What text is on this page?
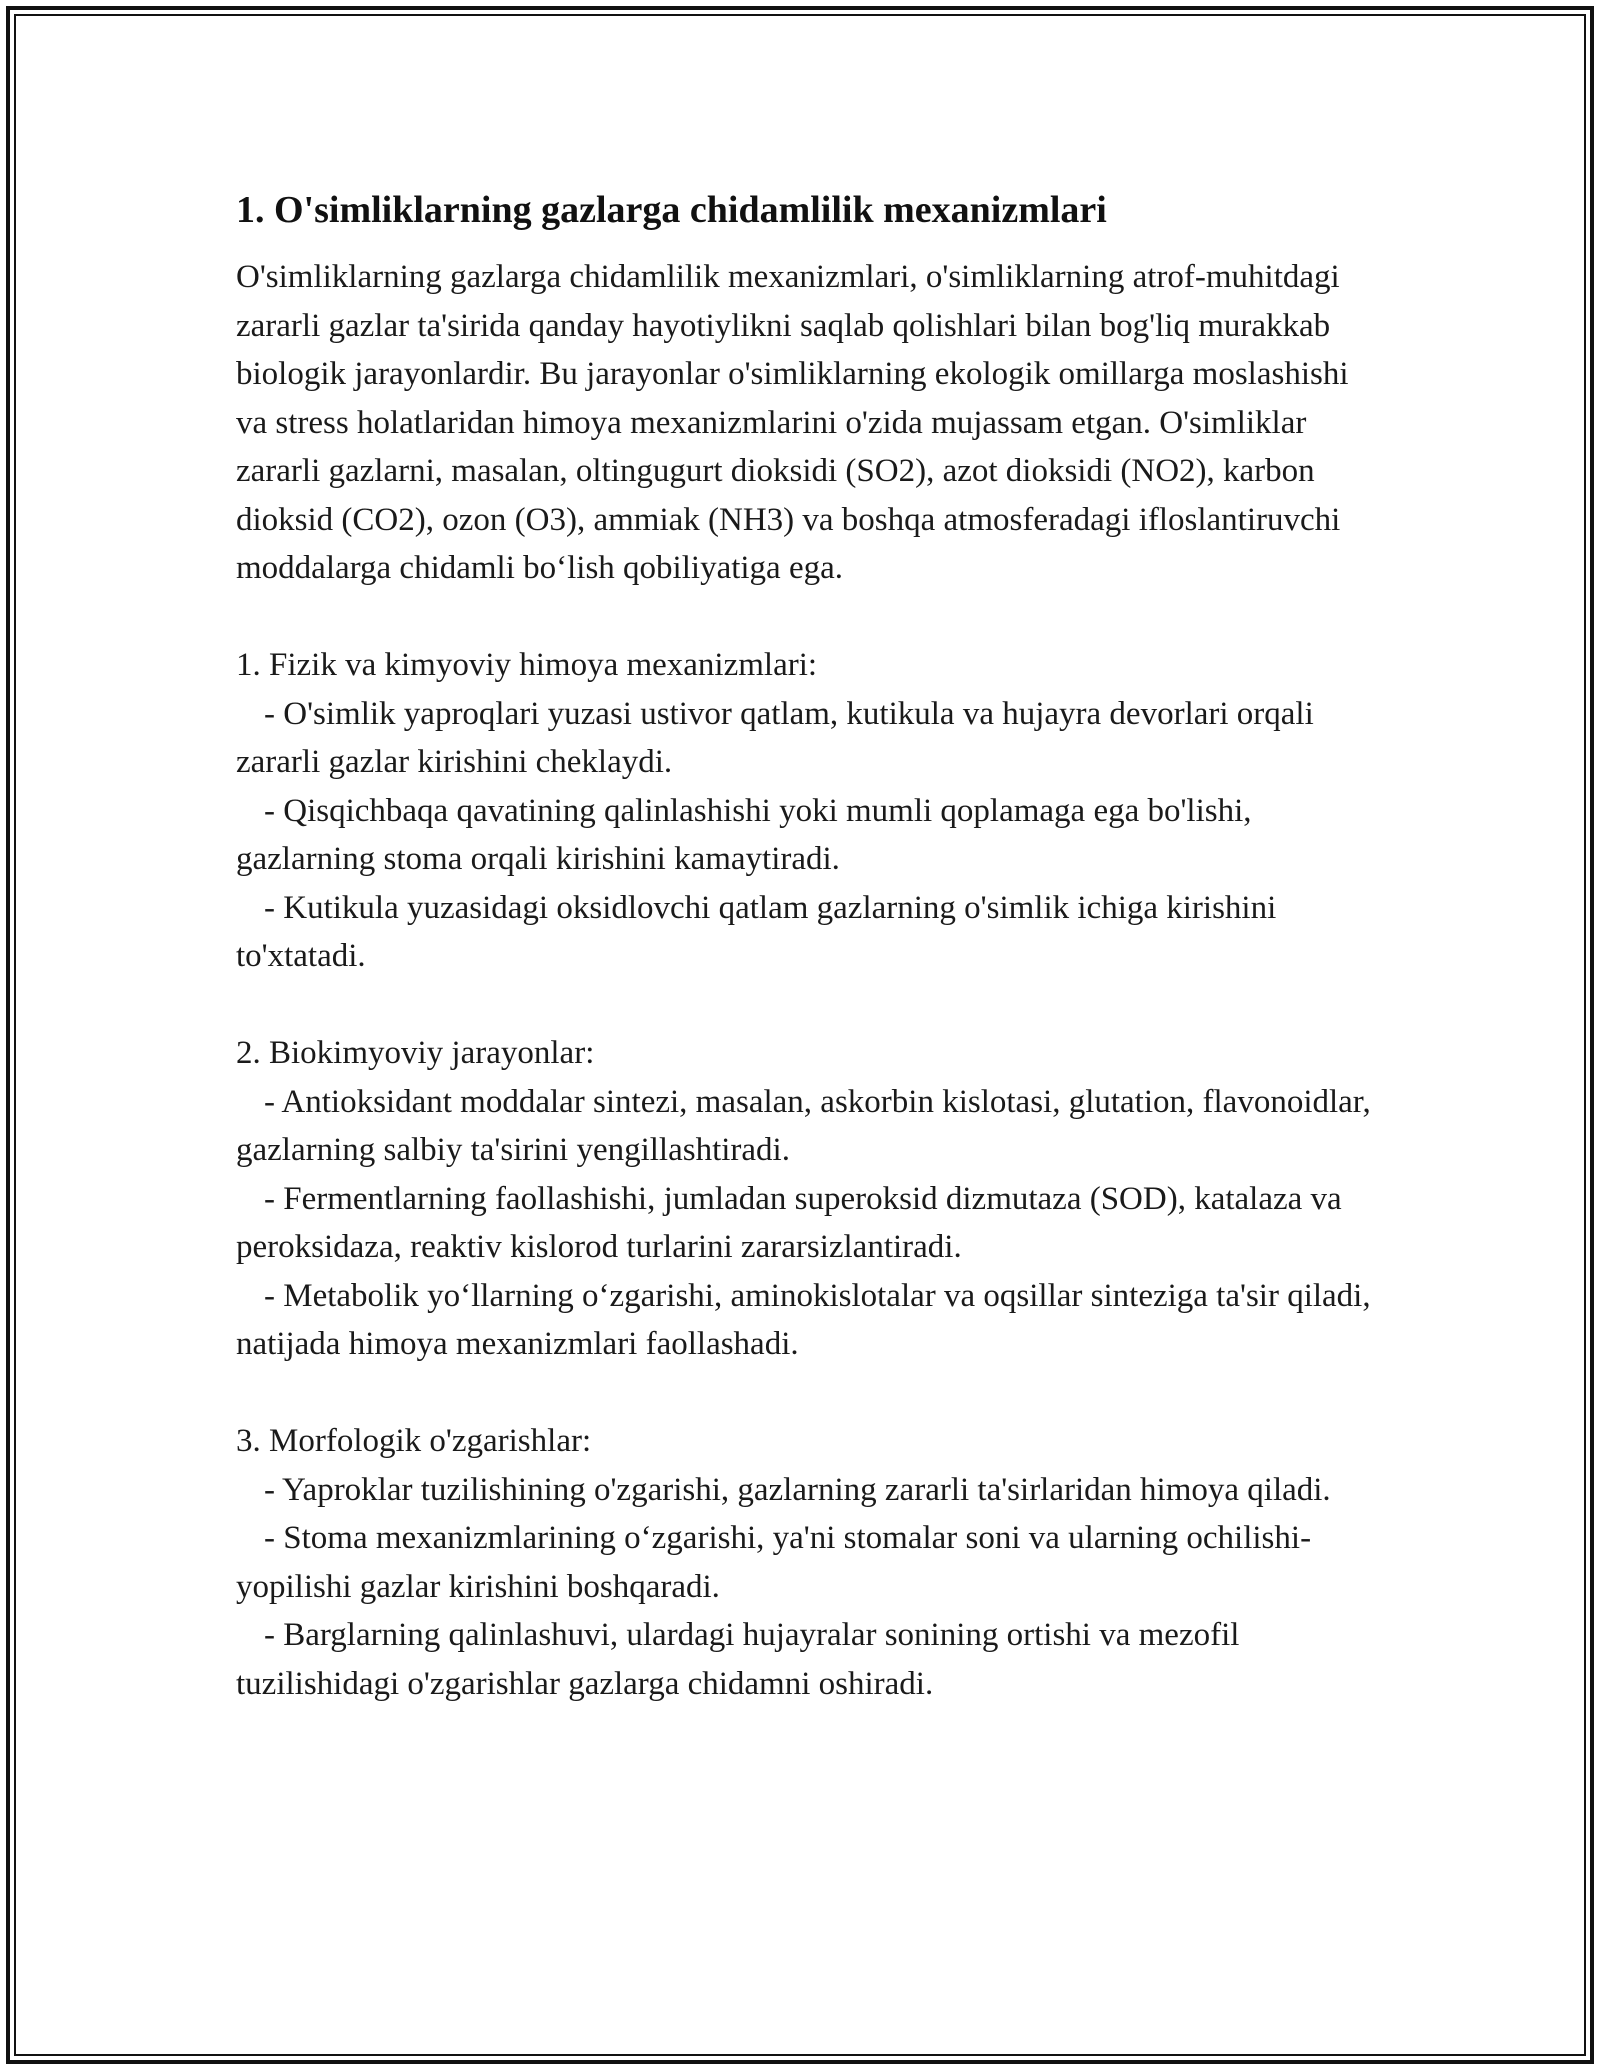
1. O'simliklarning gazlarga chidamlilik mexanizmlari

O'simliklarning gazlarga chidamlilik mexanizmlari, o'simliklarning atrof-muhitdagi zararli gazlar ta'sirida qanday hayotiylikni saqlab qolishlari bilan bog'liq murakkab biologik jarayonlardir. Bu jarayonlar o'simliklarning ekologik omillarga moslashishi va stress holatlaridan himoya mexanizmlarini o'zida mujassam etgan. O'simliklar zararli gazlarni, masalan, oltingugurt dioksidi (SO2), azot dioksidi (NO2), karbon dioksid (CO2), ozon (O3), ammiak (NH3) va boshqa atmosferadagi ifloslantiruvchi moddalarga chidamli bo‘lish qobiliyatiga ega.

1. Fizik va kimyoviy himoya mexanizmlari:

- O'simlik yaproqlari yuzasi ustivor qatlam, kutikula va hujayra devorlari orqali zararli gazlar kirishini cheklaydi.

- Qisqichbaqa qavatining qalinlashishi yoki mumli qoplamaga ega bo'lishi, gazlarning stoma orqali kirishini kamaytiradi.

- Kutikula yuzasidagi oksidlovchi qatlam gazlarning o'simlik ichiga kirishini to'xtatadi.

2. Biokimyoviy jarayonlar:

- Antioksidant moddalar sintezi, masalan, askorbin kislotasi, glutation, flavonoidlar, gazlarning salbiy ta'sirini yengillashtiradi.

- Fermentlarning faollashishi, jumladan superoksid dizmutaza (SOD), katalaza va peroksidaza, reaktiv kislorod turlarini zararsizlantiradi.

- Metabolik yo‘llarning o‘zgarishi, aminokislotalar va oqsillar sinteziga ta'sir qiladi, natijada himoya mexanizmlari faollashadi.

3. Morfologik o'zgarishlar:

- Yaproklar tuzilishining o'zgarishi, gazlarning zararli ta'sirlaridan himoya qiladi.

- Stoma mexanizmlarining o‘zgarishi, ya'ni stomalar soni va ularning ochilishi-yopilishi gazlar kirishini boshqaradi.

- Barglarning qalinlashuvi, ulardagi hujayralar sonining ortishi va mezofil tuzilishidagi o'zgarishlar gazlarga chidamni oshiradi.
